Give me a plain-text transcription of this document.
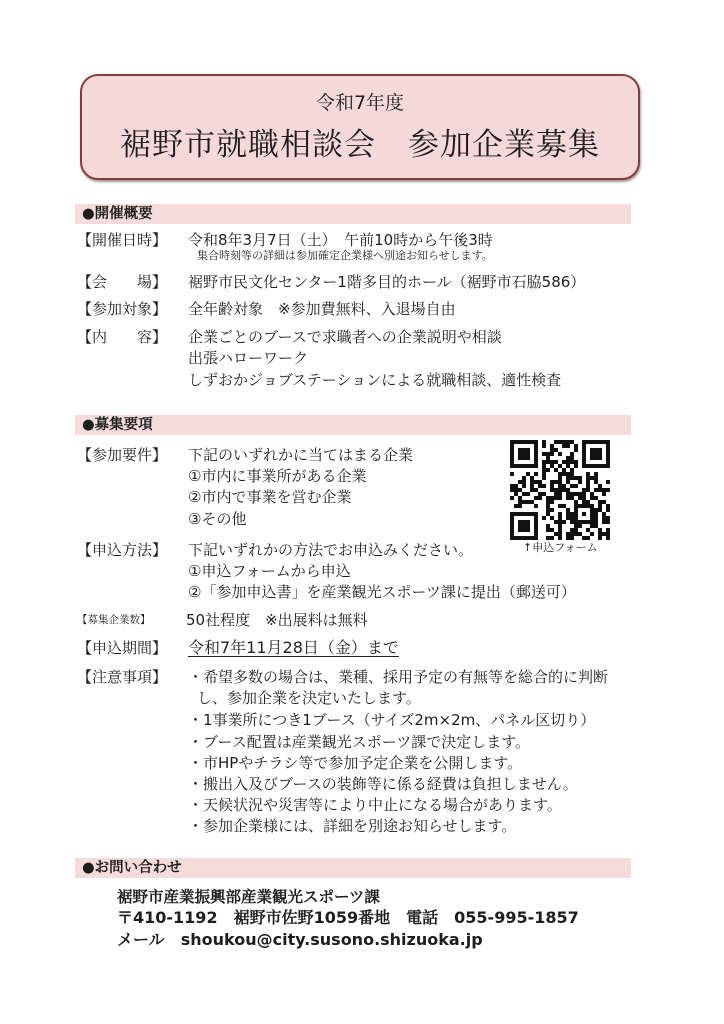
令和7年度
裾野市就職相談会　参加企業募集
●開催概要
【開催日時】 令和8年3月7日（土）　午前10時から午後3時
集合時刻等の詳細は参加確定企業様へ別途お知らせします。
【会　　場】 裾野市民文化センター1階多目的ホール（裾野市石脇586）
【参加対象】 全年齢対象　※参加費無料、入退場自由
【内　　容】 企業ごとのブースで求職者への企業説明や相談
出張ハローワーク
しずおかジョブステーションによる就職相談、適性検査
●募集要項
【参加要件】 下記のいずれかに当てはまる企業
①市内に事業所がある企業
②市内で事業を営む企業
③その他
↑申込フォーム
【申込方法】 下記いずれかの方法でお申込みください。
①申込フォームから申込
②「参加申込書」を産業観光スポーツ課に提出（郵送可）
【募集企業数】 50社程度　※出展料は無料
【申込期間】 令和7年11月28日（金）まで
【注意事項】 ・希望多数の場合は、業種、採用予定の有無等を総合的に判断
し、参加企業を決定いたします。
・1事業所につき1ブース（サイズ2m×2m、パネル区切り）
・ブース配置は産業観光スポーツ課で決定します。
・市HPやチラシ等で参加予定企業を公開します。
・搬出入及びブースの装飾等に係る経費は負担しません。
・天候状況や災害等により中止になる場合があります。
・参加企業様には、詳細を別途お知らせします。
●お問い合わせ
裾野市産業振興部産業観光スポーツ課
〒410-1192　裾野市佐野1059番地　 電話　 055-995-1857
メール　 shoukou@city.susono.shizuoka.jp
